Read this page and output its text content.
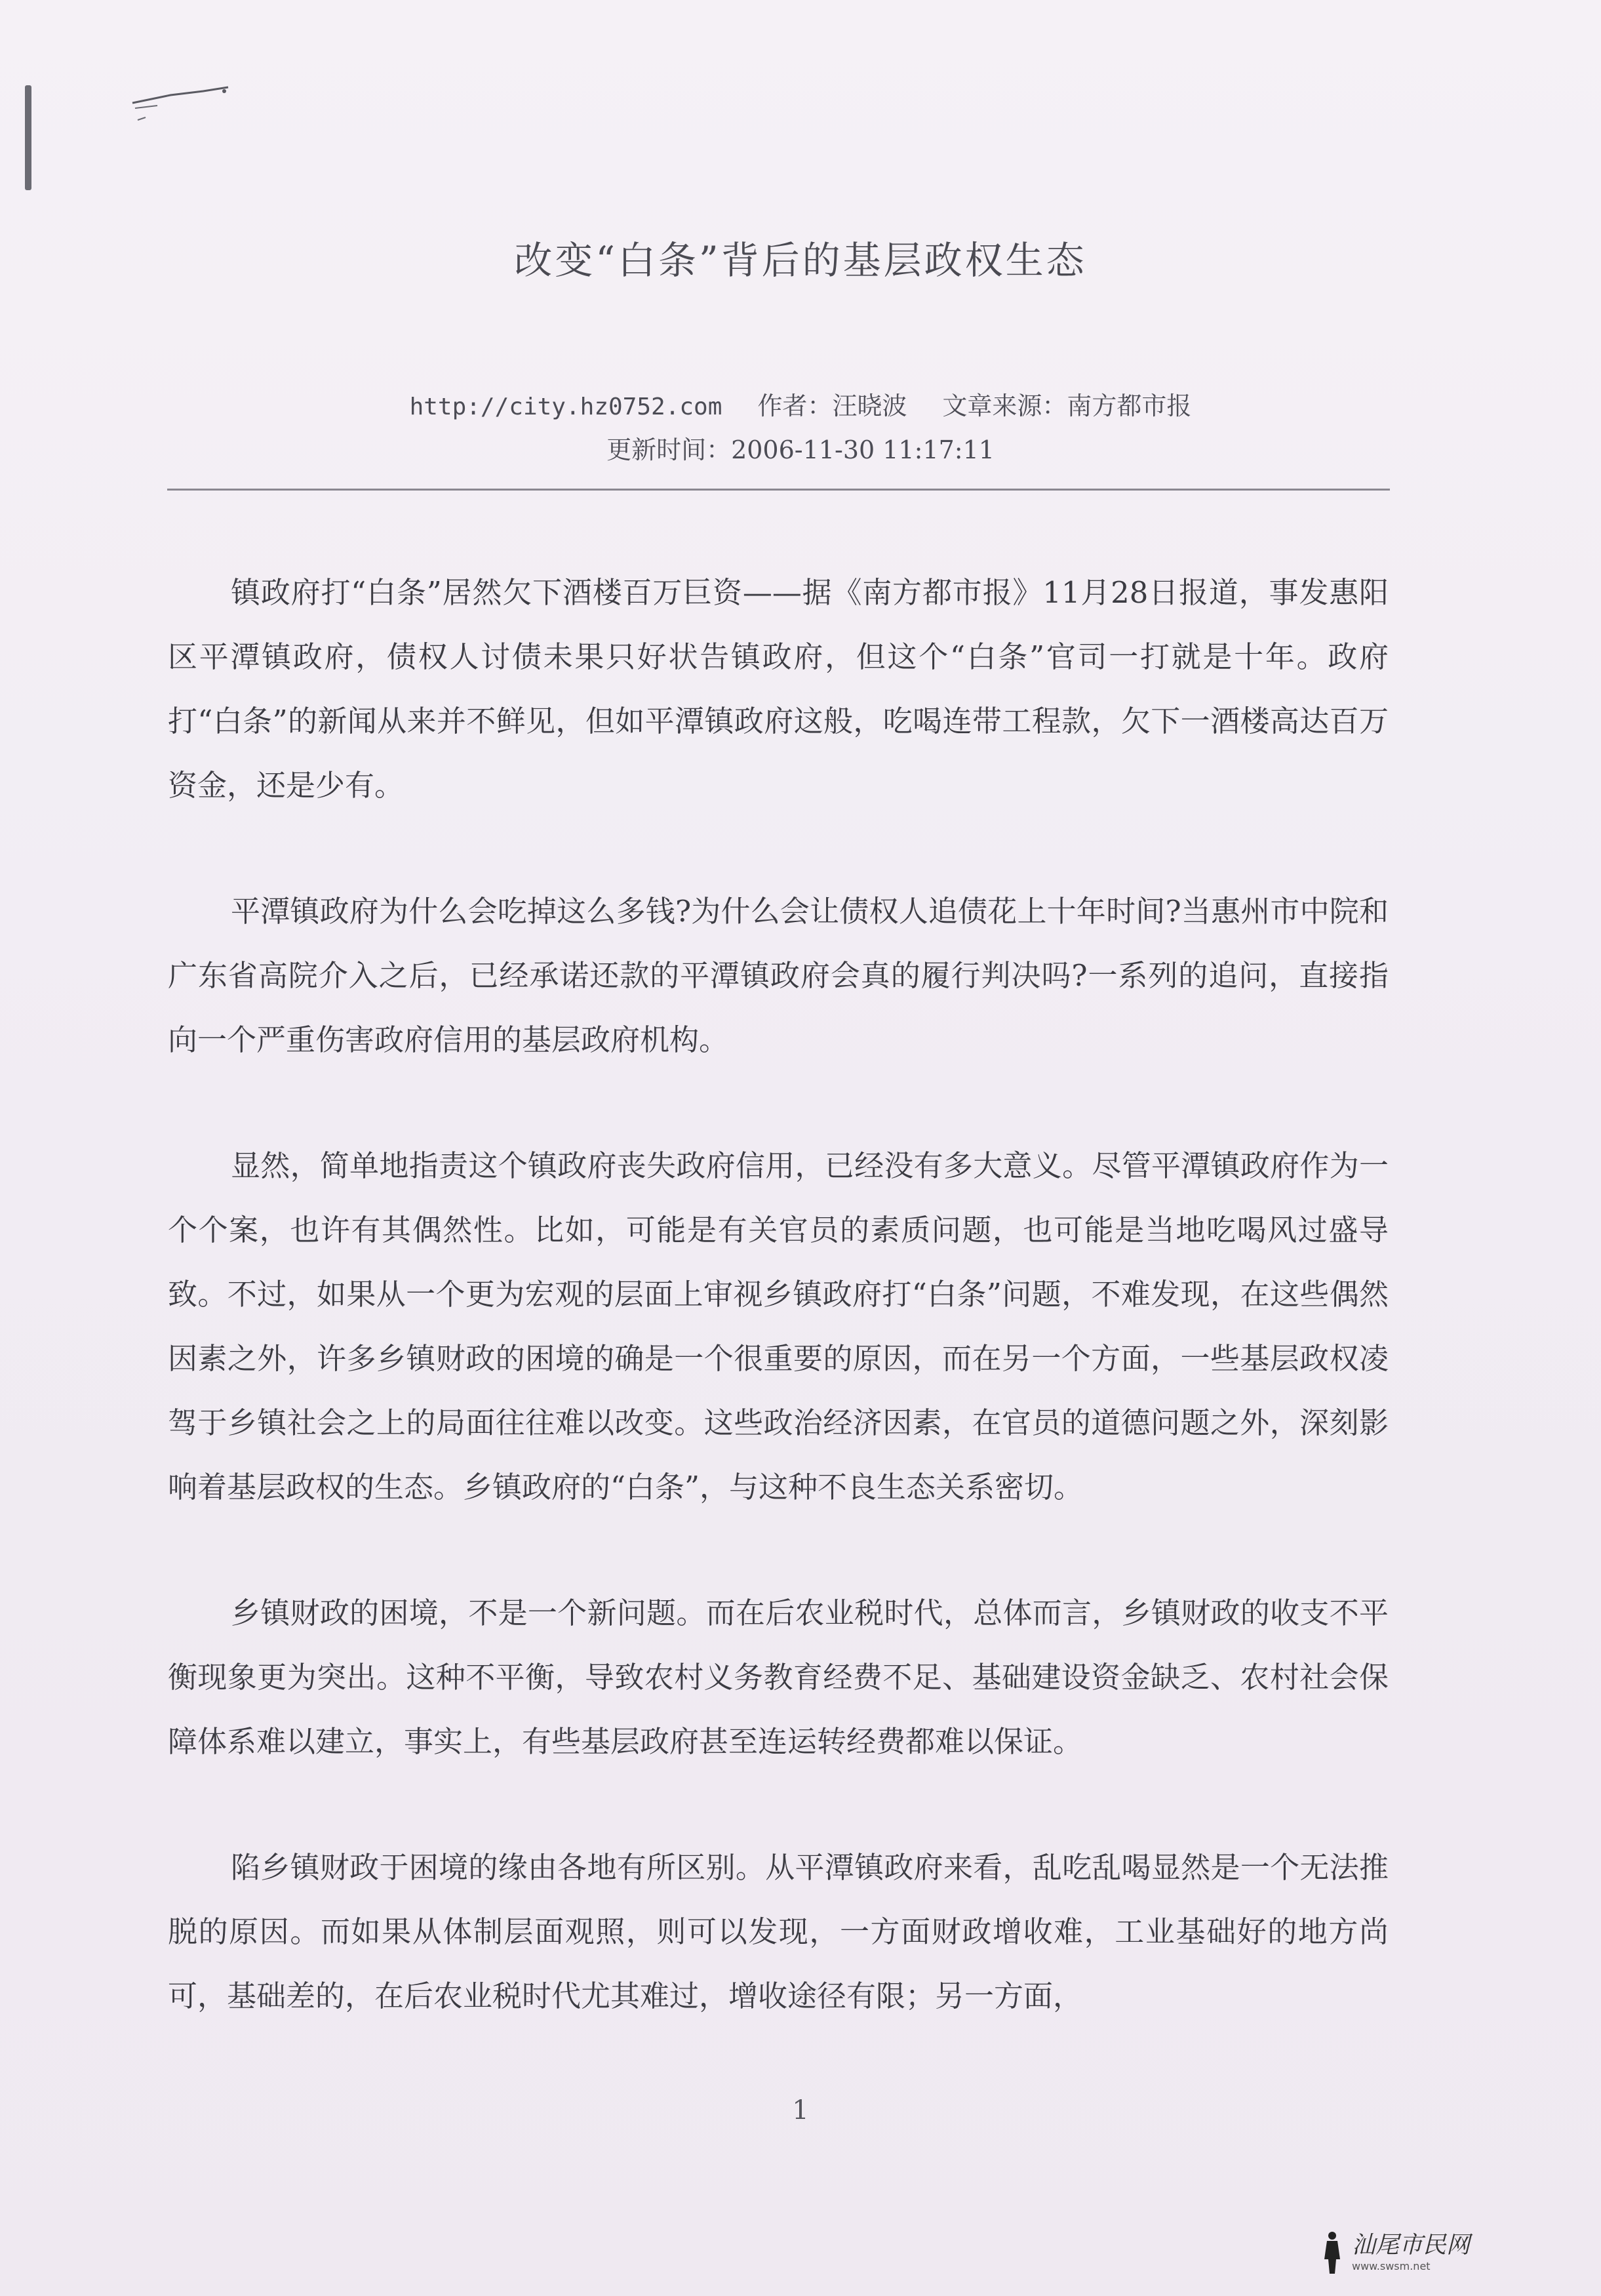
改变“白条”背后的基层政权生态
http://city.hz0752.com 作者：汪晓波 文章来源：南方都市报
更新时间：2006-11-30 11:17:11

镇政府打“白条”居然欠下酒楼百万巨资——据《南方都市报》11月28日报道，事发惠阳区平潭镇政府，债权人讨债未果只好状告镇政府，但这个“白条”官司一打就是十年。政府打“白条”的新闻从来并不鲜见，但如平潭镇政府这般，吃喝连带工程款，欠下一酒楼高达百万资金，还是少有。

平潭镇政府为什么会吃掉这么多钱?为什么会让债权人追债花上十年时间?当惠州市中院和广东省高院介入之后，已经承诺还款的平潭镇政府会真的履行判决吗?一系列的追问，直接指向一个严重伤害政府信用的基层政府机构。

显然，简单地指责这个镇政府丧失政府信用，已经没有多大意义。尽管平潭镇政府作为一个个案，也许有其偶然性。比如，可能是有关官员的素质问题，也可能是当地吃喝风过盛导致。不过，如果从一个更为宏观的层面上审视乡镇政府打“白条”问题，不难发现，在这些偶然因素之外，许多乡镇财政的困境的确是一个很重要的原因，而在另一个方面，一些基层政权凌驾于乡镇社会之上的局面往往难以改变。这些政治经济因素，在官员的道德问题之外，深刻影响着基层政权的生态。乡镇政府的“白条”，与这种不良生态关系密切。

乡镇财政的困境，不是一个新问题。而在后农业税时代，总体而言，乡镇财政的收支不平衡现象更为突出。这种不平衡，导致农村义务教育经费不足、基础建设资金缺乏、农村社会保障体系难以建立，事实上，有些基层政府甚至连运转经费都难以保证。

陷乡镇财政于困境的缘由各地有所区别。从平潭镇政府来看，乱吃乱喝显然是一个无法推脱的原因。而如果从体制层面观照，则可以发现，一方面财政增收难，工业基础好的地方尚可，基础差的，在后农业税时代尤其难过，增收途径有限；另一方面，

1
汕尾市民网
www.swsm.net
